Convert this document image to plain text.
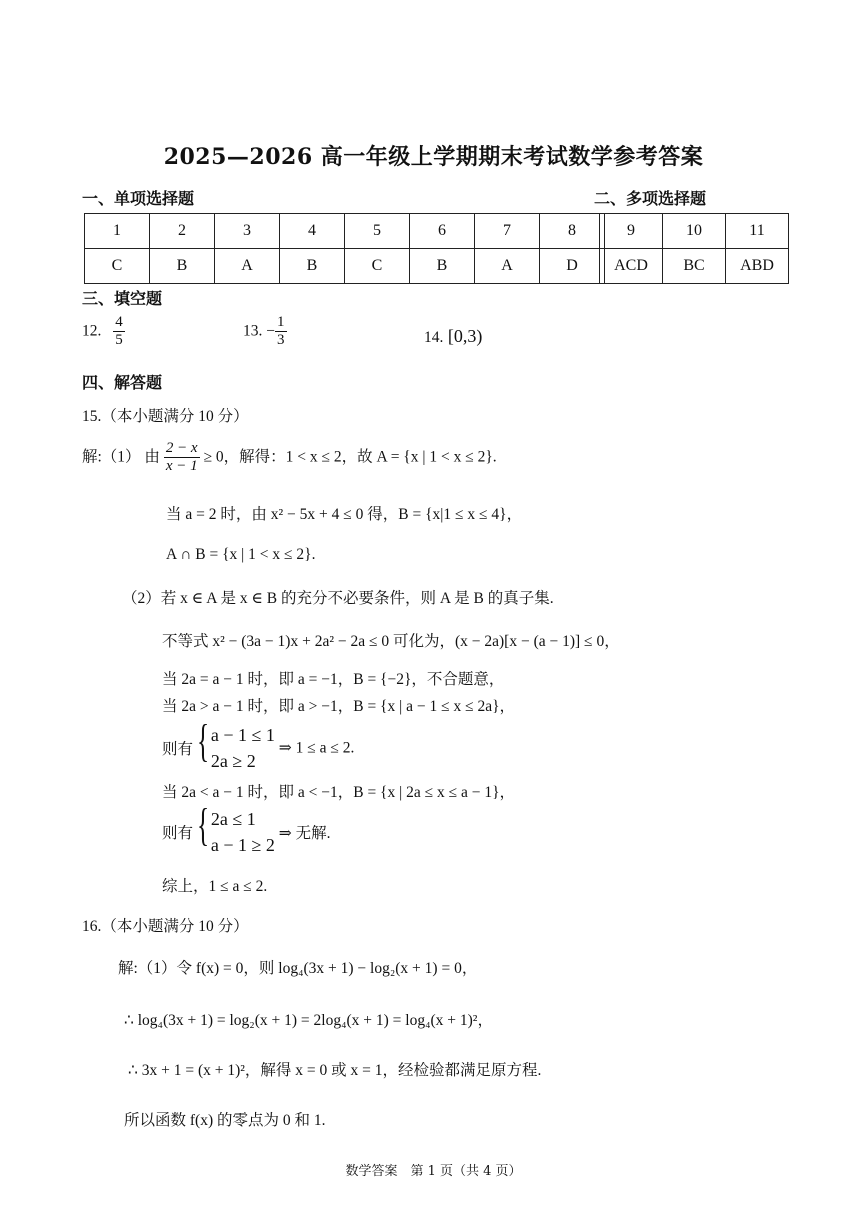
2025—2026 高一年级上学期期末考试数学参考答案
一、单项选择题	二、多项选择题
1	2	3	4	5	6	7	8
C	B	A	B	C	B	A	D
9	10	11
ACD	BC	ABD
三、填空题
12. $\frac{4}{5}$	13. − $\frac{1}{3}$	14. [0,3)
四、解答题
15.（本小题满分 10 分）
解:（1） 由 $\frac{2 - x}{x - 1} \ge 0$，解得：1 < x ≤ 2，故 A = {x | 1 < x ≤ 2}.
当 a = 2 时，由 x² − 5x + 4 ≤ 0 得，B = {x|1 ≤ x ≤ 4}，
A ∩ B = {x | 1 < x ≤ 2}.
（2）若 x ∈ A 是 x ∈ B 的充分不必要条件，则 A 是 B 的真子集.
不等式 x² − (3a − 1)x + 2a² − 2a ≤ 0 可化为，(x − 2a)[x − (a − 1)] ≤ 0，
当 2a = a − 1 时，即 a = −1，B = {−2}，不合题意，
当 2a > a − 1 时，即 a > −1，B = {x | a − 1 ≤ x ≤ 2a}，
则有 { a − 1 ≤ 1
2a ≥ 2
⇒ 1 ≤ a ≤ 2.
当 2a < a − 1 时，即 a < −1，B = {x | 2a ≤ x ≤ a − 1}，
则有 { 2a ≤ 1
a − 1 ≥ 2
⇒ 无解.
综上，1 ≤ a ≤ 2.
16.（本小题满分 10 分）
解:（1）令 f(x) = 0，则 log₄(3x + 1) − log₂(x + 1) = 0，
∴ log₄(3x + 1) = log₂(x + 1) = 2log₄(x + 1) = log₄(x + 1)²，
∴ 3x + 1 = (x + 1)²，解得 x = 0 或 x = 1，经检验都满足原方程.
所以函数 f(x) 的零点为 0 和 1.
数学答案　第 1 页（共 4 页）
